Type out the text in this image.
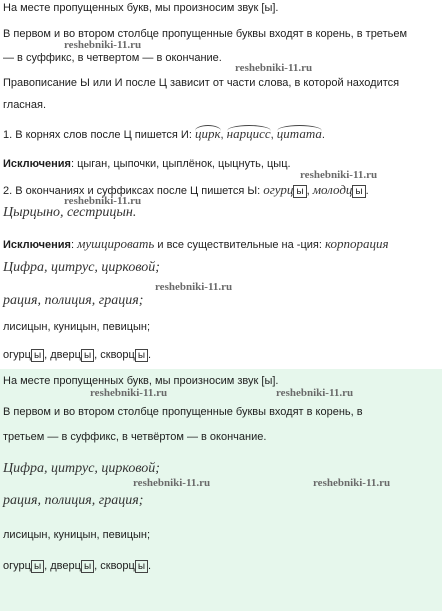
На месте пропущенных букв, мы произносим звук [ы].
В первом и во втором столбце пропущенные буквы входят в корень, в третьем
reshebniki-11.ru
— в суффикс, в четвертом — в окончание.
reshebniki-11.ru
Правописание Ы или И после Ц зависит от части слова, в которой находится
гласная.
1. В корнях слов после Ц пишется И: цирк, нарцисс, цитата.
Исключения: цыган, цыпочки, цыплёнок, цыцнуть, цыц.
reshebniki-11.ru
2. В окончаниях и суффиксах после Ц пишется Ы: огурц ы , молодц ы .
reshebniki-11.ru
Цырцыно, сестрицын.
Исключения: мушцировать и все существительные на -ция: корпорация
Цифра, цитрус, цирковой;
reshebniki-11.ru
рация, полиция, грация;
лисицын, куницын, певицын;
огурц ы , дверц ы , скворц ы .
На месте пропущенных букв, мы произносим звук [ы].
reshebniki-11.ru	reshebniki-11.ru
В первом и во втором столбце пропущенные буквы входят в корень, в
третьем — в суффикс, в четвёртом — в окончание.
Цифра, цитрус, цирковой;
reshebniki-11.ru	reshebniki-11.ru
рация, полиция, грация;
лисицын, куницын, певицын;
огурц ы , дверц ы , скворц ы .
